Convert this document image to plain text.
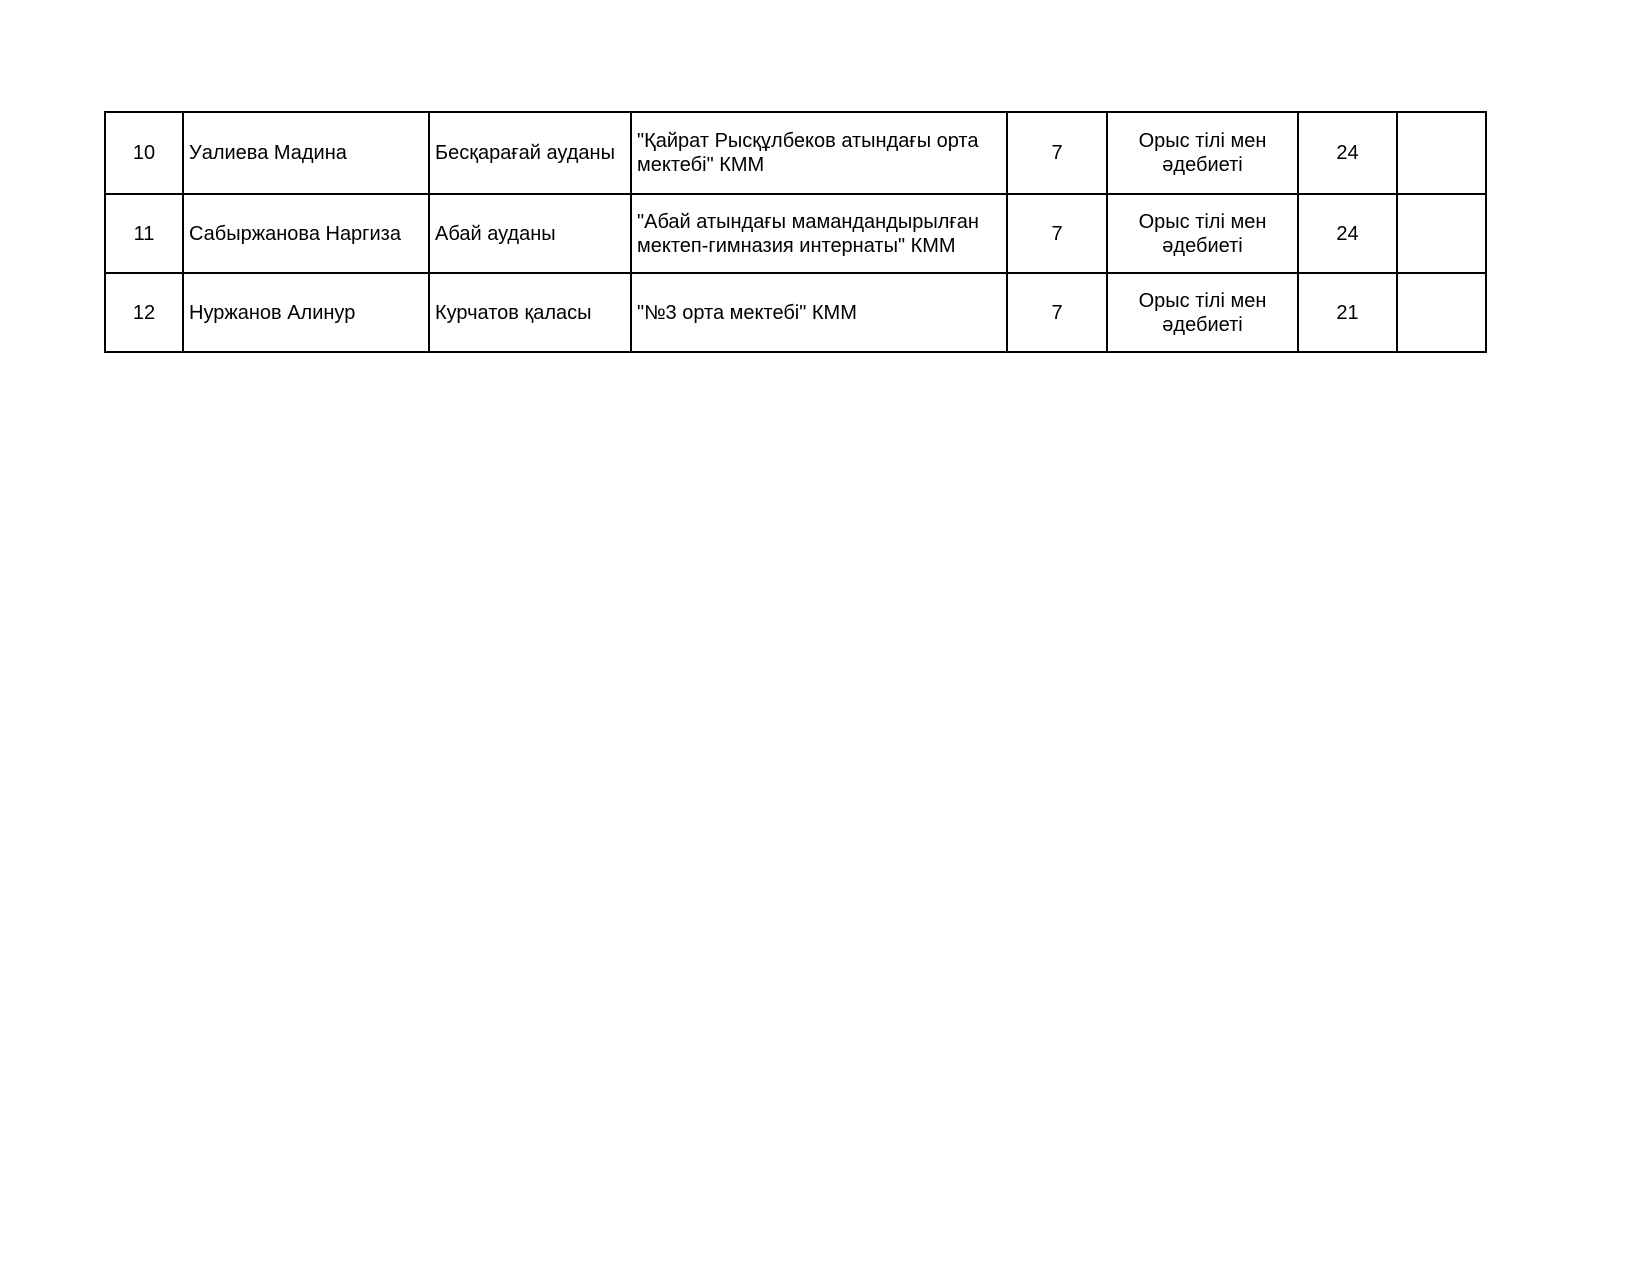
10	Уалиева Мадина	Бесқарағай ауданы	"Қайрат Рысқұлбеков атындағы орта мектебі" КММ	7	Орыс тілі мен әдебиеті	24	
11	Сабыржанова Наргиза	Абай ауданы	"Абай атындағы мамандандырылған мектеп-гимназия интернаты" КММ	7	Орыс тілі мен әдебиеті	24	
12	Нуржанов Алинур	Курчатов қаласы	"№3 орта мектебі" КММ	7	Орыс тілі мен әдебиеті	21	
